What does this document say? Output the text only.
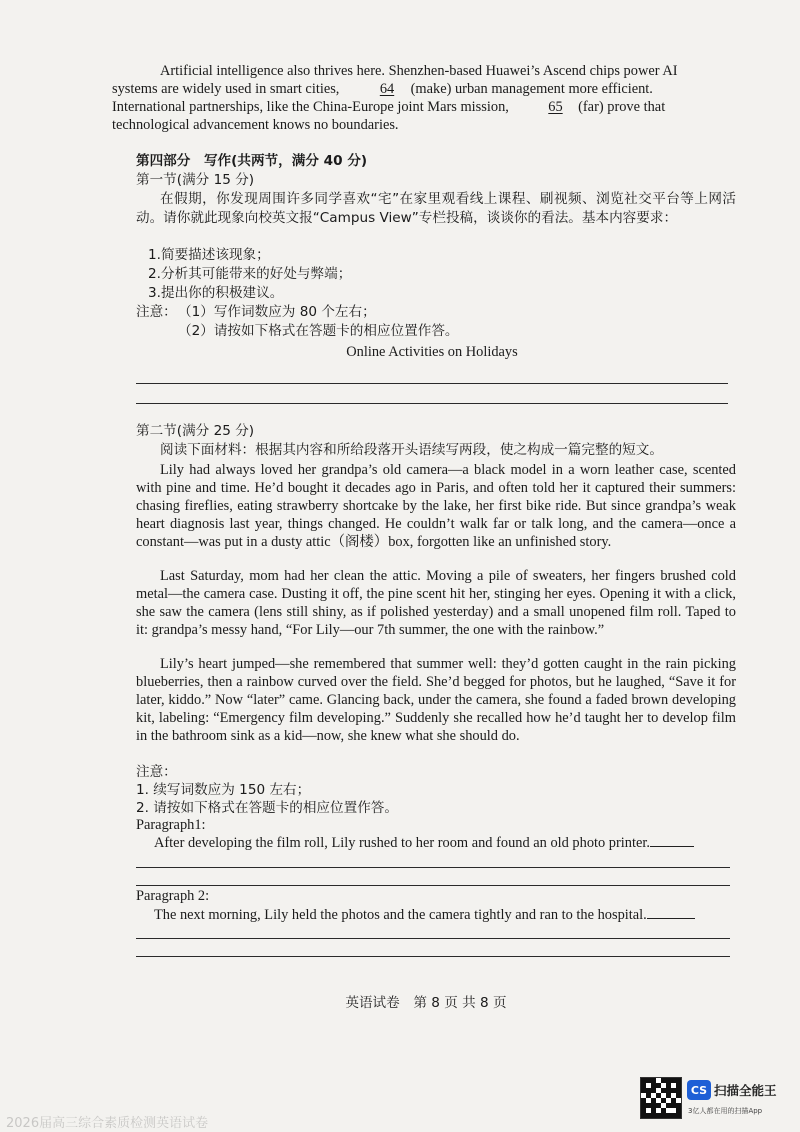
Artificial intelligence also thrives here. Shenzhen-based Huawei’s Ascend chips power AI
systems are widely used in smart cities,	64 (make) urban management more efficient.
International partnerships, like the China-Europe joint Mars mission,	65 (far) prove that
technological advancement knows no boundaries.
第四部分　写作(共两节，满分 40 分)
第一节(满分 15 分)
在假期，你发现周围许多同学喜欢“宅”在家里观看线上课程、刷视频、浏览社交平台等上网活动。请你就此现象向校英文报“Campus View”专栏投稿，谈谈你的看法。基本内容要求：
1.简要描述该现象；
2.分析其可能带来的好处与弊端；
3.提出你的积极建议。
注意： （1）写作词数应为 80 个左右；
（2）请按如下格式在答题卡的相应位置作答。
Online Activities on Holidays
第二节(满分 25 分)
阅读下面材料：根据其内容和所给段落开头语续写两段，使之构成一篇完整的短文。
Lily had always loved her grandpa’s old camera—a black model in a worn leather case, scented with pine and time. He’d bought it decades ago in Paris, and often told her it captured their summers: chasing fireflies, eating strawberry shortcake by the lake, her first bike ride. But since grandpa’s weak heart diagnosis last year, things changed. He couldn’t walk far or talk long, and the camera—once a constant—was put in a dusty attic（阁楼）box, forgotten like an unfinished story.
Last Saturday, mom had her clean the attic. Moving a pile of sweaters, her fingers brushed cold metal—the camera case. Dusting it off, the pine scent hit her, stinging her eyes. Opening it with a click, she saw the camera (lens still shiny, as if polished yesterday) and a small unopened film roll. Taped to it: grandpa’s messy hand, “For Lily—our 7th summer, the one with the rainbow.”
Lily’s heart jumped—she remembered that summer well: they’d gotten caught in the rain picking blueberries, then a rainbow curved over the field. She’d begged for photos, but he laughed, “Save it for later, kiddo.” Now “later” came. Glancing back, under the camera, she found a faded brown developing kit, labeling: “Emergency film developing.” Suddenly she recalled how he’d taught her to develop film in the bathroom sink as a kid—now, she knew what she should do.
注意：
1. 续写词数应为 150 左右；
2. 请按如下格式在答题卡的相应位置作答。
Paragraph1:
After developing the film roll, Lily rushed to her room and found an old photo printer.
Paragraph 2:
The next morning, Lily held the photos and the camera tightly and ran to the hospital.
英语试卷　第 8 页 共 8 页
CS 扫描全能王
3亿人都在用的扫描App
2026届高三综合素质检测英语试卷
